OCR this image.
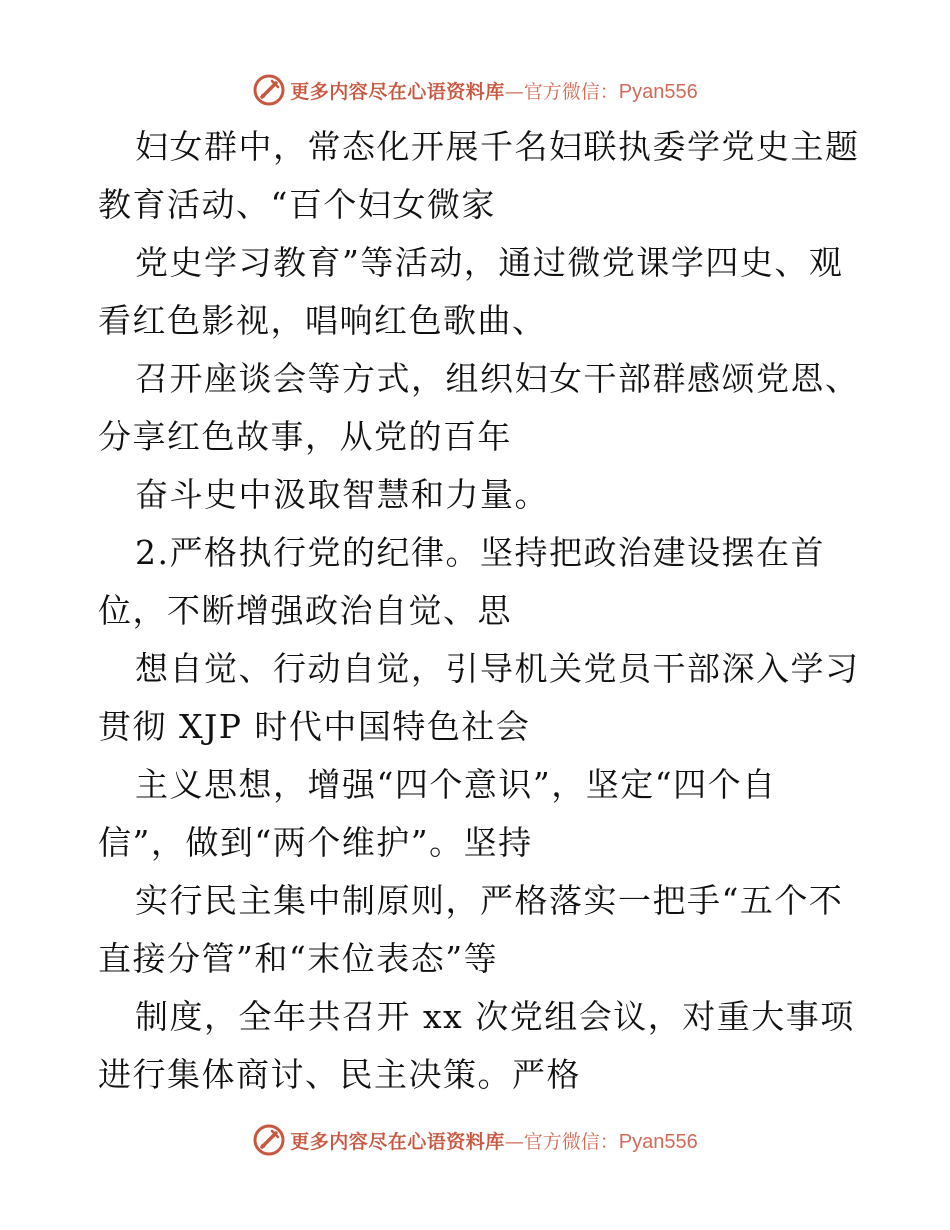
更多内容尽在心语资料库 — 官方微信： Pyan556
妇女群中，常态化开展千名妇联执委学党史主题
教育活动、“百个妇女微家
党史学习教育”等活动，通过微党课学四史、观
看红色影视，唱响红色歌曲、
召开座谈会等方式，组织妇女干部群感颂党恩、
分享红色故事，从党的百年
奋斗史中汲取智慧和力量。
2.严格执行党的纪律。坚持把政治建设摆在首
位，不断增强政治自觉、思
想自觉、行动自觉，引导机关党员干部深入学习
贯彻 XJP 时代中国特色社会
主义思想，增强“四个意识”，坚定“四个自
信”，做到“两个维护”。坚持
实行民主集中制原则，严格落实一把手“五个不
直接分管”和“末位表态”等
制度，全年共召开 xx 次党组会议，对重大事项
进行集体商讨、民主决策。严格
更多内容尽在心语资料库 — 官方微信： Pyan556
